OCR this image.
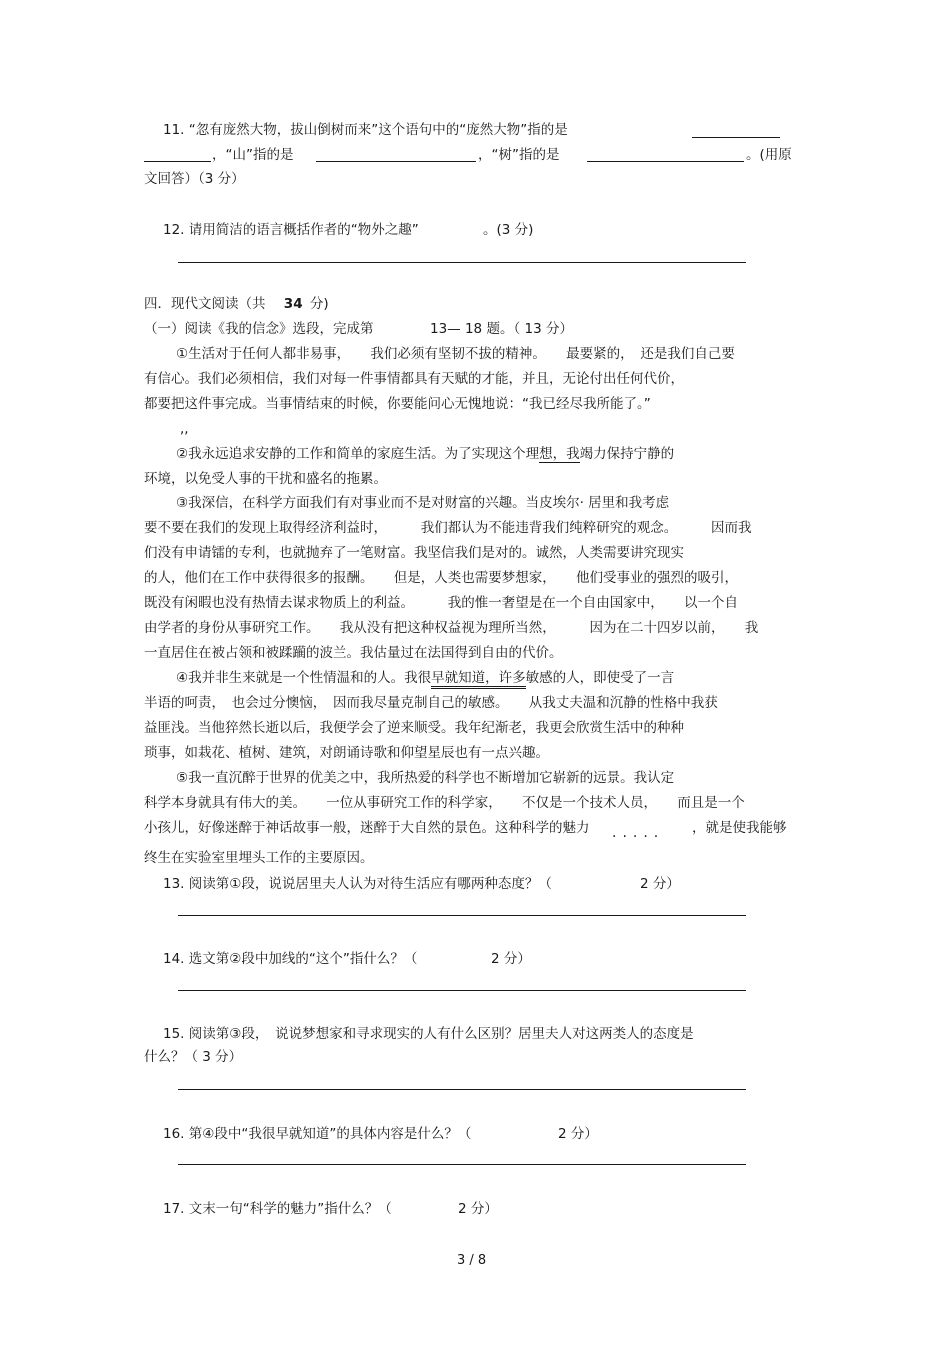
11. “忽有庞然大物，拔山倒树而来”这个语句中的“庞然大物”指的是
，“山”指的是	，“树”指的是	。(用原
文回答）（3 分）
12. 请用简洁的语言概括作者的“物外之趣”	。(3 分)
四．现代文阅读（共 34 分)
（一）阅读《我的信念》选段，完成第	13— 18 题。（ 13 分）
①生活对于任何人都非易事，　　我们必须有坚韧不拔的精神。　　最要紧的，　还是我们自己要
有信心。我们必须相信，我们对每一件事情都具有天赋的才能，并且，无论付出任何代价，
都要把这件事完成。当事情结束的时候，你要能问心无愧地说：“我已经尽我所能了。”
,,
②我永远追求安静的工作和简单的家庭生活。为了实现这个理想，我竭力保持宁静的
环境，以免受人事的干扰和盛名的拖累。
③我深信，在科学方面我们有对事业而不是对财富的兴趣。当皮埃尔· 居里和我考虑
要不要在我们的发现上取得经济利益时，　　　我们都认为不能违背我们纯粹研究的观念。　　　因而我
们没有申请镭的专利，也就抛弃了一笔财富。我坚信我们是对的。诚然，人类需要讲究现实
的人，他们在工作中获得很多的报酬。　　但是，人类也需要梦想家，　　他们受事业的强烈的吸引，
既没有闲暇也没有热情去谋求物质上的利益。　　　我的惟一奢望是在一个自由国家中，　　以一个自
由学者的身份从事研究工作。　　我从没有把这种权益视为理所当然，　　　因为在二十四岁以前，　　我
一直居住在被占领和被蹂躏的波兰。我估量过在法国得到自由的代价。
④我并非生来就是一个性情温和的人。我很早就知道，许多敏感的人，即使受了一言
半语的呵责，　也会过分懊恼，　因而我尽量克制自己的敏感。　　从我丈夫温和沉静的性格中我获
益匪浅。当他猝然长逝以后，我便学会了逆来顺受。我年纪渐老，我更会欣赏生活中的种种
琐事，如栽花、植树、建筑，对朗诵诗歌和仰望星辰也有一点兴趣。
⑤我一直沉醉于世界的优美之中，我所热爱的科学也不断增加它崭新的远景。我认定
科学本身就具有伟大的美。　　一位从事研究工作的科学家，　　不仅是一个技术人员，　　而且是一个
小孩儿，好像迷醉于神话故事一般，迷醉于大自然的景色。这种科学的魅力 ..... ，就是使我能够
终生在实验室里埋头工作的主要原因。
13. 阅读第①段，说说居里夫人认为对待生活应有哪两种态度？（	2 分）
14. 选文第②段中加线的“这个”指什么？（	2 分）
15. 阅读第③段，　说说梦想家和寻求现实的人有什么区别？居里夫人对这两类人的态度是
什么？（ 3 分）
16. 第④段中“我很早就知道”的具体内容是什么？（	2 分）
17. 文末一句“科学的魅力”指什么？（	2 分）
3 / 8
